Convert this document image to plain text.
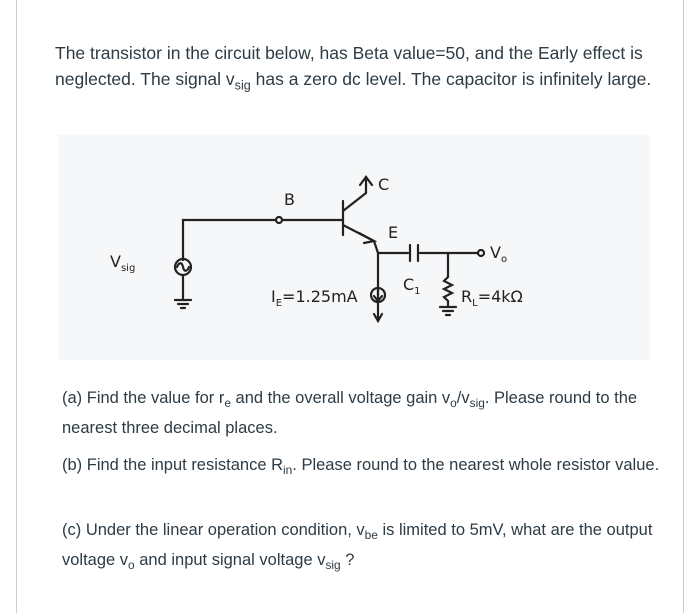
The transistor in the circuit below, has Beta value=50, and the Early effect is neglected. The signal $v_{sig}$ has a zero dc level. The capacitor is infinitely large.

B
C
E
$V_{sig}$
$I_E=1.25mA$
$C_1$	$R_L=4k\Omega$
$V_o$

(a) Find the value for $r_e$ and the overall voltage gain $v_o/v_{sig}$. Please round to the nearest three decimal places.

(b) Find the input resistance $R_{in}$. Please round to the nearest whole resistor value.

(c) Under the linear operation condition, $v_{be}$ is limited to 5mV, what are the output voltage $v_o$ and input signal voltage $v_{sig}$ ?
